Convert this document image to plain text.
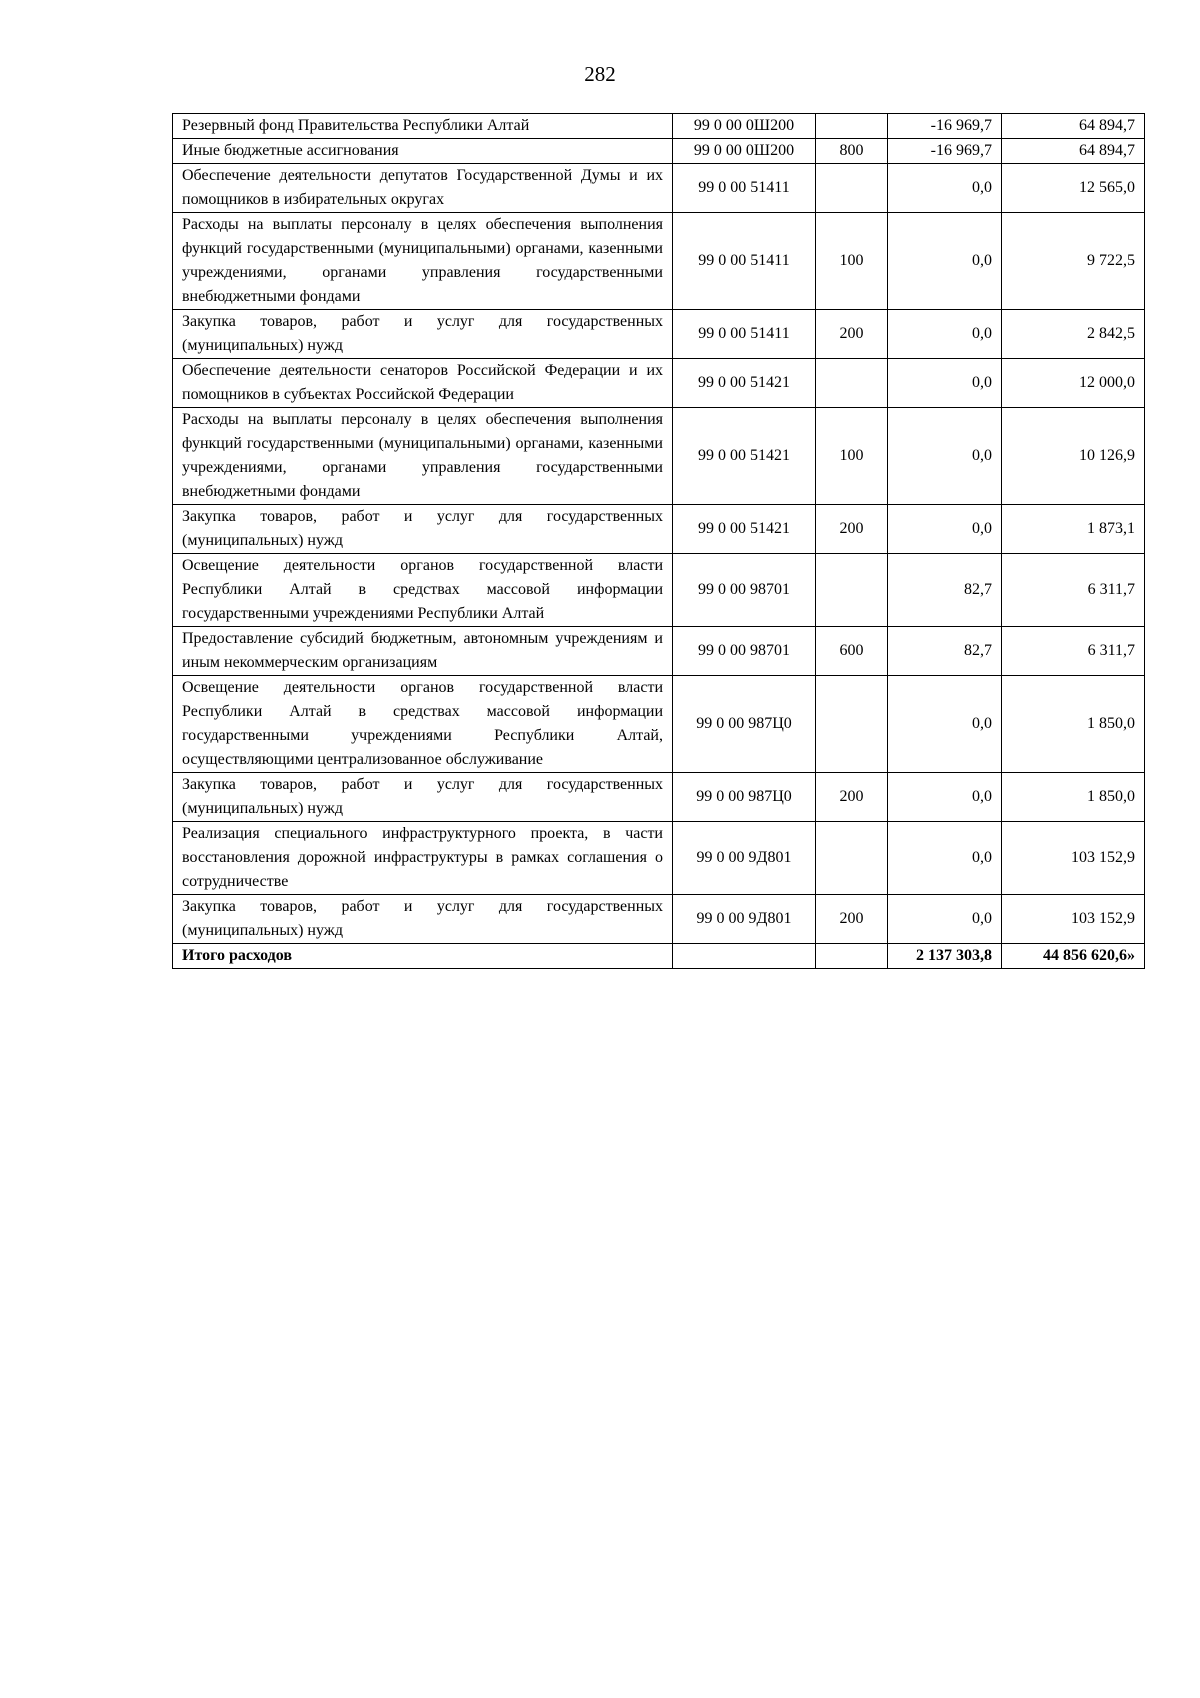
282
Резервный фонд Правительства Республики Алтай	99 0 00 0Ш200		-16 969,7	64 894,7
Иные бюджетные ассигнования	99 0 00 0Ш200	800	-16 969,7	64 894,7
Обеспечение деятельности депутатов Государственной Думы и их помощников в избирательных округах	99 0 00 51411		0,0	12 565,0
Расходы на выплаты персоналу в целях обеспечения выполнения функций государственными (муниципальными) органами, казенными учреждениями, органами управления государственными внебюджетными фондами	99 0 00 51411	100	0,0	9 722,5
Закупка товаров, работ и услуг для государственных (муниципальных) нужд	99 0 00 51411	200	0,0	2 842,5
Обеспечение деятельности сенаторов Российской Федерации и их помощников в субъектах Российской Федерации	99 0 00 51421		0,0	12 000,0
Расходы на выплаты персоналу в целях обеспечения выполнения функций государственными (муниципальными) органами, казенными учреждениями, органами управления государственными внебюджетными фондами	99 0 00 51421	100	0,0	10 126,9
Закупка товаров, работ и услуг для государственных (муниципальных) нужд	99 0 00 51421	200	0,0	1 873,1
Освещение деятельности органов государственной власти Республики Алтай в средствах массовой информации государственными учреждениями Республики Алтай	99 0 00 98701		82,7	6 311,7
Предоставление субсидий бюджетным, автономным учреждениям и иным некоммерческим организациям	99 0 00 98701	600	82,7	6 311,7
Освещение деятельности органов государственной власти Республики Алтай в средствах массовой информации государственными учреждениями Республики Алтай, осуществляющими централизованное обслуживание	99 0 00 987Ц0		0,0	1 850,0
Закупка товаров, работ и услуг для государственных (муниципальных) нужд	99 0 00 987Ц0	200	0,0	1 850,0
Реализация специального инфраструктурного проекта, в части восстановления дорожной инфраструктуры в рамках соглашения о сотрудничестве	99 0 00 9Д801		0,0	103 152,9
Закупка товаров, работ и услуг для государственных (муниципальных) нужд	99 0 00 9Д801	200	0,0	103 152,9
Итого расходов			2 137 303,8	44 856 620,6»
